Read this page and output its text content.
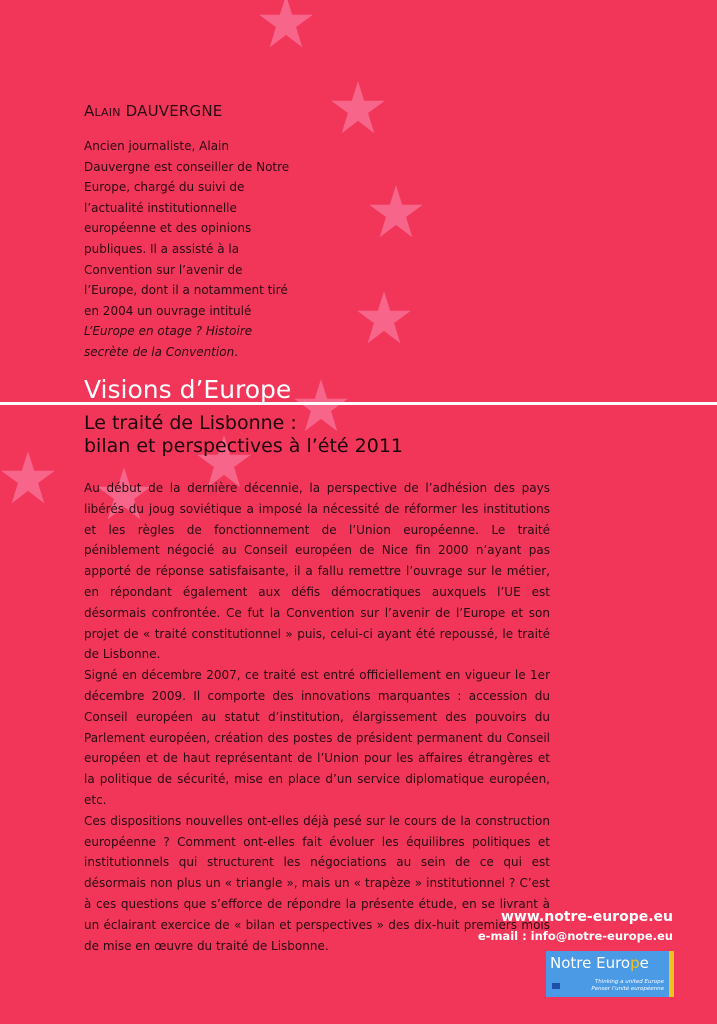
ALAIN DAUVERGNE
Ancien journaliste, Alain Dauvergne est conseiller de Notre Europe, chargé du suivi de l’actualité institutionnelle européenne et des opinions publiques. Il a assisté à la Convention sur l’avenir de l’Europe, dont il a notamment tiré en 2004 un ouvrage intitulé L’Europe en otage ? Histoire secrète de la Convention.
Visions d’Europe
Le traité de Lisbonne :
bilan et perspectives à l’été 2011

Au début de la dernière décennie, la perspective de l’adhésion des pays libérés du joug soviétique a imposé la nécessité de réformer les institutions et les règles de fonctionnement de l’Union européenne. Le traité péniblement négocié au Conseil européen de Nice fin 2000 n’ayant pas apporté de réponse satisfaisante, il a fallu remettre l’ouvrage sur le métier, en répondant également aux défis démocratiques auxquels l’UE est désormais confrontée. Ce fut la Convention sur l’avenir de l’Europe et son projet de « traité constitutionnel » puis, celui-ci ayant été repoussé, le traité de Lisbonne.

Signé en décembre 2007, ce traité est entré officiellement en vigueur le 1er décembre 2009. Il comporte des innovations marquantes : accession du Conseil européen au statut d’institution, élargissement des pouvoirs du Parlement européen, création des postes de président permanent du Conseil européen et de haut représentant de l’Union pour les affaires étrangères et la politique de sécurité, mise en place d’un service diplomatique européen, etc.

Ces dispositions nouvelles ont-elles déjà pesé sur le cours de la construction européenne ? Comment ont-elles fait évoluer les équilibres politiques et institutionnels qui structurent les négociations au sein de ce qui est désormais non plus un « triangle », mais un « trapèze » institutionnel ? C’est à ces questions que s’efforce de répondre la présente étude, en se livrant à un éclairant exercice de « bilan et perspectives » des dix-huit premiers mois de mise en œuvre du traité de Lisbonne.

www.notre-europe.eu
e-mail : info@notre-europe.eu
Notre Europe
Thinking a united Europe
Penser l’unité européenne
